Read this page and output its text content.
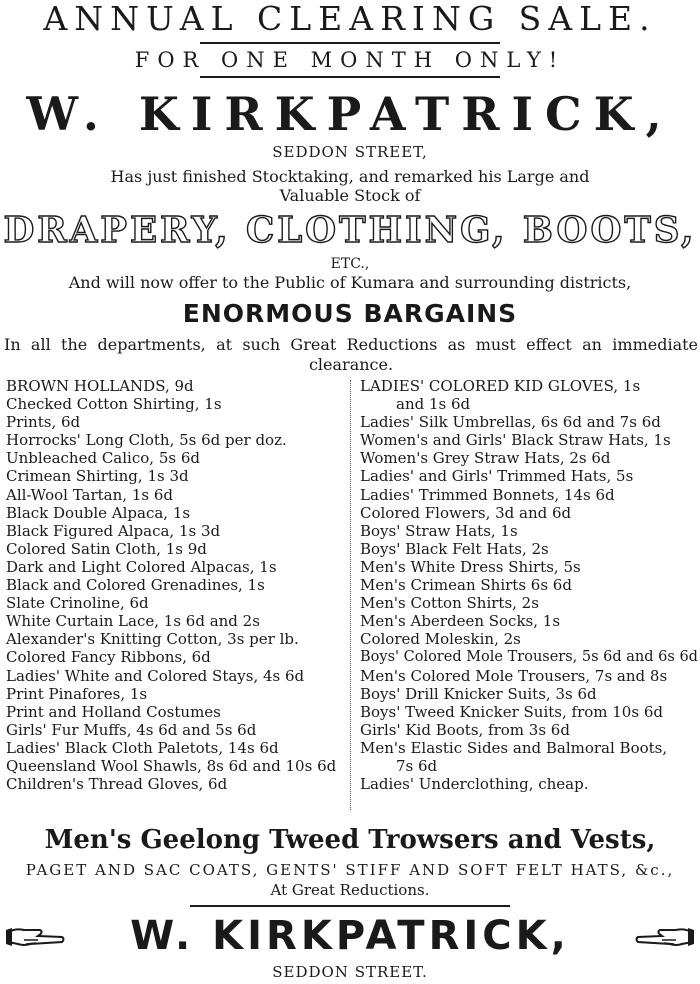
ANNUAL CLEARING SALE.
FOR ONE MONTH ONLY!
W. KIRKPATRICK,
SEDDON STREET,
Has just finished Stocktaking, and remarked his Large and
Valuable Stock of
DRAPERY, CLOTHING, BOOTS,
ETC.,
And will now offer to the Public of Kumara and surrounding districts,
ENORMOUS BARGAINS
In all the departments, at such Great Reductions as must effect an immediate clearance.
BROWN HOLLANDS, 9d
Checked Cotton Shirting, 1s
Prints, 6d
Horrocks' Long Cloth, 5s 6d per doz.
Unbleached Calico, 5s 6d
Crimean Shirting, 1s 3d
All-Wool Tartan, 1s 6d
Black Double Alpaca, 1s
Black Figured Alpaca, 1s 3d
Colored Satin Cloth, 1s 9d
Dark and Light Colored Alpacas, 1s
Black and Colored Grenadines, 1s
Slate Crinoline, 6d
White Curtain Lace, 1s 6d and 2s
Alexander's Knitting Cotton, 3s per lb.
Colored Fancy Ribbons, 6d
Ladies' White and Colored Stays, 4s 6d
Print Pinafores, 1s
Print and Holland Costumes
Girls' Fur Muffs, 4s 6d and 5s 6d
Ladies' Black Cloth Paletots, 14s 6d
Queensland Wool Shawls, 8s 6d and 10s 6d
Children's Thread Gloves, 6d
LADIES' COLORED KID GLOVES, 1s
and 1s 6d
Ladies' Silk Umbrellas, 6s 6d and 7s 6d
Women's and Girls' Black Straw Hats, 1s
Women's Grey Straw Hats, 2s 6d
Ladies' and Girls' Trimmed Hats, 5s
Ladies' Trimmed Bonnets, 14s 6d
Colored Flowers, 3d and 6d
Boys' Straw Hats, 1s
Boys' Black Felt Hats, 2s
Men's White Dress Shirts, 5s
Men's Crimean Shirts 6s 6d
Men's Cotton Shirts, 2s
Men's Aberdeen Socks, 1s
Colored Moleskin, 2s
Boys' Colored Mole Trousers, 5s 6d and 6s 6d
Men's Colored Mole Trousers, 7s and 8s
Boys' Drill Knicker Suits, 3s 6d
Boys' Tweed Knicker Suits, from 10s 6d
Girls' Kid Boots, from 3s 6d
Men's Elastic Sides and Balmoral Boots,
7s 6d
Ladies' Underclothing, cheap.
Men's Geelong Tweed Trowsers and Vests,
PAGET AND SAC COATS, GENTS' STIFF AND SOFT FELT HATS, &c.,
At Great Reductions.
W. KIRKPATRICK,
SEDDON STREET.
